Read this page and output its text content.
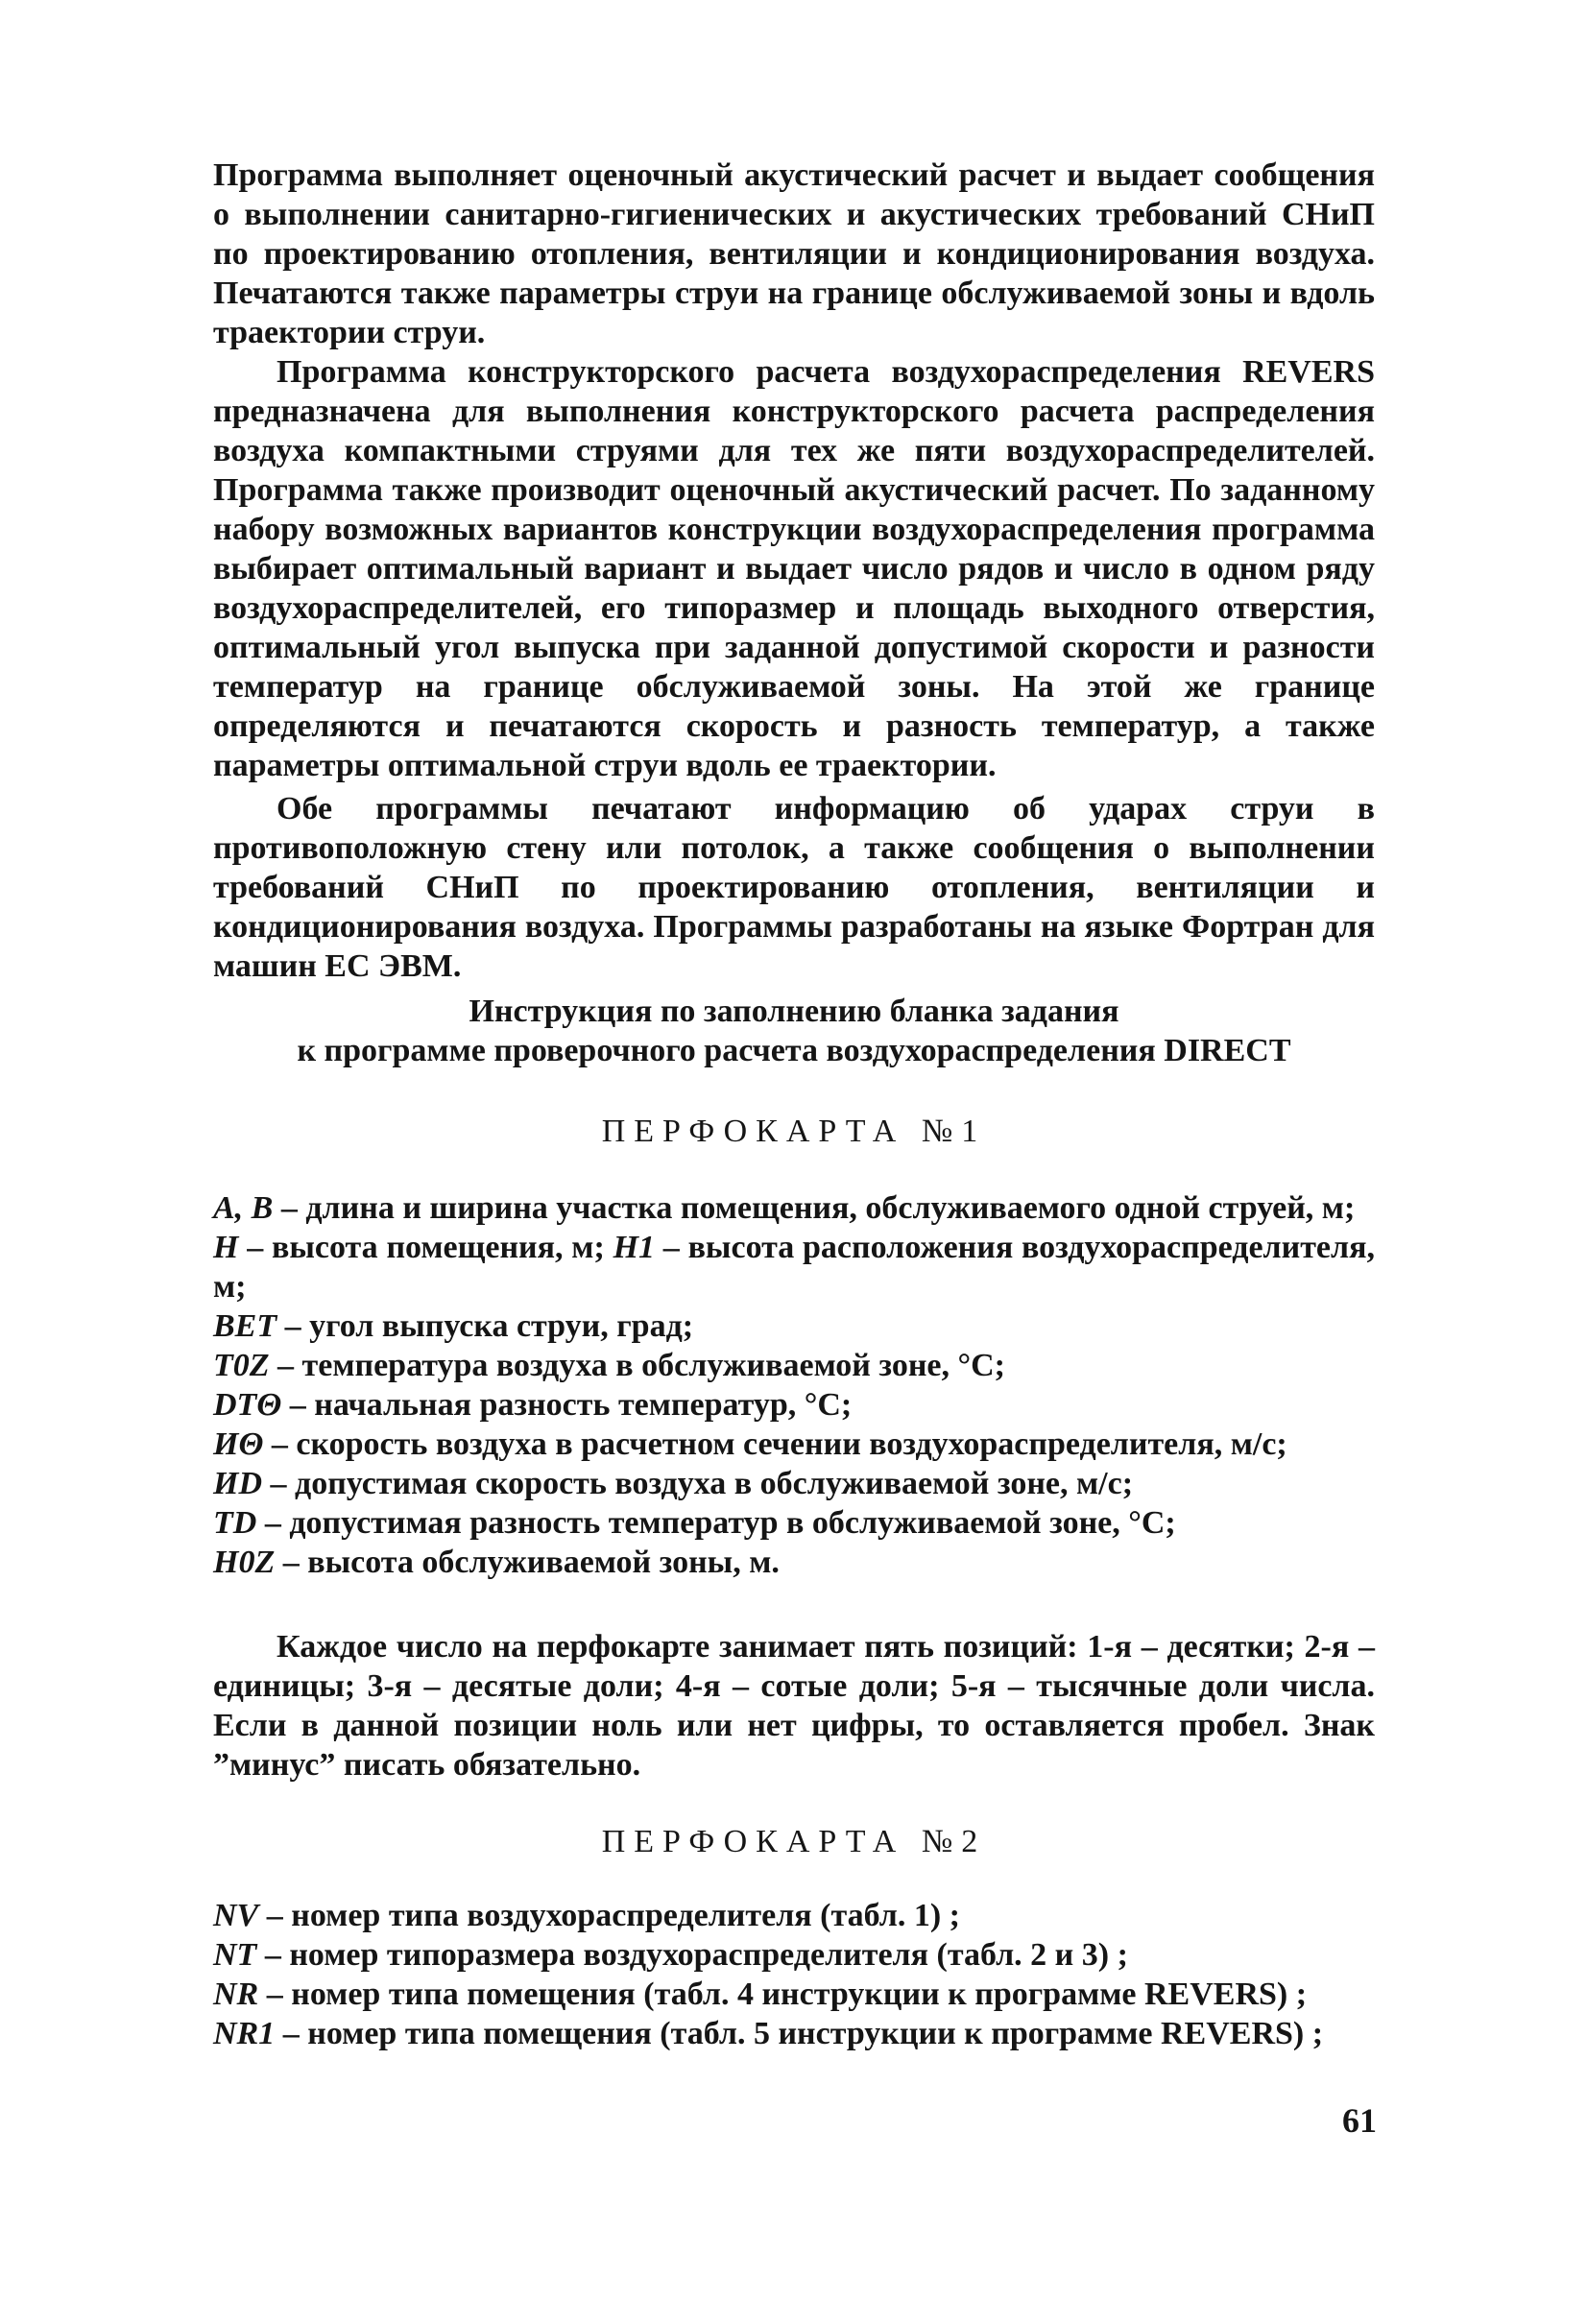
Программа выполняет оценочный акустический расчет и выдает сообщения о выполнении санитарно-гигиенических и акустических требований СНиП по проектированию отопления, вентиляции и кондиционирования воздуха. Печатаются также параметры струи на границе обслуживаемой зоны и вдоль траектории струи.

Программа конструкторского расчета воздухораспределения REVERS предназначена для выполнения конструкторского расчета распределения воздуха компактными струями для тех же пяти воздухораспределителей. Программа также производит оценочный акустический расчет. По заданному набору возможных вариантов конструкции воздухораспределения программа выбирает оптимальный вариант и выдает число рядов и число в одном ряду воздухораспределителей, его типоразмер и площадь выходного отверстия, оптимальный угол выпуска при заданной допустимой скорости и разности температур на границе обслуживаемой зоны. На этой же границе определяются и печатаются скорость и разность температур, а также параметры оптимальной струи вдоль ее траектории.

Обе программы печатают информацию об ударах струи в противоположную стену или потолок, а также сообщения о выполнении требований СНиП по проектированию отопления, вентиляции и кондиционирования воздуха. Программы разработаны на языке Фортран для машин ЕС ЭВМ.

Инструкция по заполнению бланка задания
к программе проверочного расчета воздухораспределения DIRECT
ПЕРФОКАРТА №1
A, B – длина и ширина участка помещения, обслуживаемого одной струей, м;
H – высота помещения, м; H1 – высота расположения воздухораспределителя, м;
BET – угол выпуска струи, град;
T0Z – температура воздуха в обслуживаемой зоне, °C;
DTΘ – начальная разность температур, °C;
ИΘ – скорость воздуха в расчетном сечении воздухораспределителя, м/с;
ИD – допустимая скорость воздуха в обслуживаемой зоне, м/с;
TD – допустимая разность температур в обслуживаемой зоне, °C;
H0Z – высота обслуживаемой зоны, м.

Каждое число на перфокарте занимает пять позиций: 1-я – десятки; 2-я – единицы; 3-я – десятые доли; 4-я – сотые доли; 5-я – тысячные доли числа. Если в данной позиции ноль или нет цифры, то оставляется пробел. Знак ”минус” писать обязательно.

ПЕРФОКАРТА №2
NV – номер типа воздухораспределителя (табл. 1) ;
NT – номер типоразмера воздухораспределителя (табл. 2 и 3) ;
NR – номер типа помещения (табл. 4 инструкции к программе REVERS) ;
NR1 – номер типа помещения (табл. 5 инструкции к программе REVERS) ;
61
